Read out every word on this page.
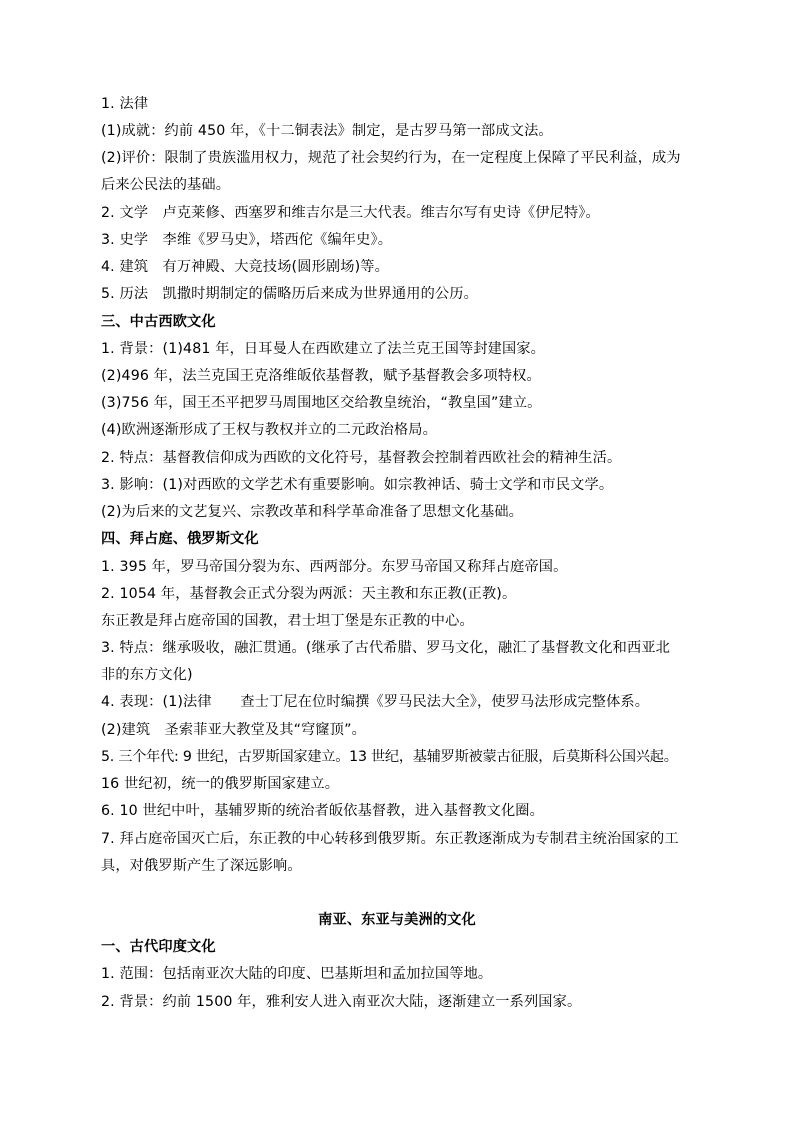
1. 法律
(1)成就：约前 450 年，《十二铜表法》制定，是古罗马第一部成文法。
(2)评价：限制了贵族滥用权力，规范了社会契约行为，在一定程度上保障了平民利益，成为
后来公民法的基础。
2. 文学　卢克莱修、西塞罗和维吉尔是三大代表。维吉尔写有史诗《伊尼特》。
3. 史学　李维《罗马史》，塔西佗《编年史》。
4. 建筑　有万神殿、大竞技场(圆形剧场)等。
5. 历法　凯撒时期制定的儒略历后来成为世界通用的公历。
三、中古西欧文化
1. 背景：(1)481 年，日耳曼人在西欧建立了法兰克王国等封建国家。
(2)496 年，法兰克国王克洛维皈依基督教，赋予基督教会多项特权。
(3)756 年，国王丕平把罗马周围地区交给教皇统治，“教皇国”建立。
(4)欧洲逐渐形成了王权与教权并立的二元政治格局。
2. 特点：基督教信仰成为西欧的文化符号，基督教会控制着西欧社会的精神生活。
3. 影响：(1)对西欧的文学艺术有重要影响。如宗教神话、骑士文学和市民文学。
(2)为后来的文艺复兴、宗教改革和科学革命准备了思想文化基础。
四、拜占庭、俄罗斯文化
1. 395 年，罗马帝国分裂为东、西两部分。东罗马帝国又称拜占庭帝国。
2. 1054 年，基督教会正式分裂为两派：天主教和东正教(正教)。
东正教是拜占庭帝国的国教，君士坦丁堡是东正教的中心。
3. 特点：继承吸收，融汇贯通。(继承了古代希腊、罗马文化，融汇了基督教文化和西亚北
非的东方文化)
4. 表现：(1)法律　　查士丁尼在位时编撰《罗马民法大全》，使罗马法形成完整体系。
(2)建筑　圣索菲亚大教堂及其“穹窿顶”。
5. 三个年代: 9 世纪，古罗斯国家建立。13 世纪，基辅罗斯被蒙古征服，后莫斯科公国兴起。
16 世纪初，统一的俄罗斯国家建立。
6. 10 世纪中叶，基辅罗斯的统治者皈依基督教，进入基督教文化圈。
7. 拜占庭帝国灭亡后，东正教的中心转移到俄罗斯。东正教逐渐成为专制君主统治国家的工
具，对俄罗斯产生了深远影响。
南亚、东亚与美洲的文化
一、古代印度文化
1. 范围：包括南亚次大陆的印度、巴基斯坦和孟加拉国等地。
2. 背景：约前 1500 年，雅利安人进入南亚次大陆，逐渐建立一系列国家。
